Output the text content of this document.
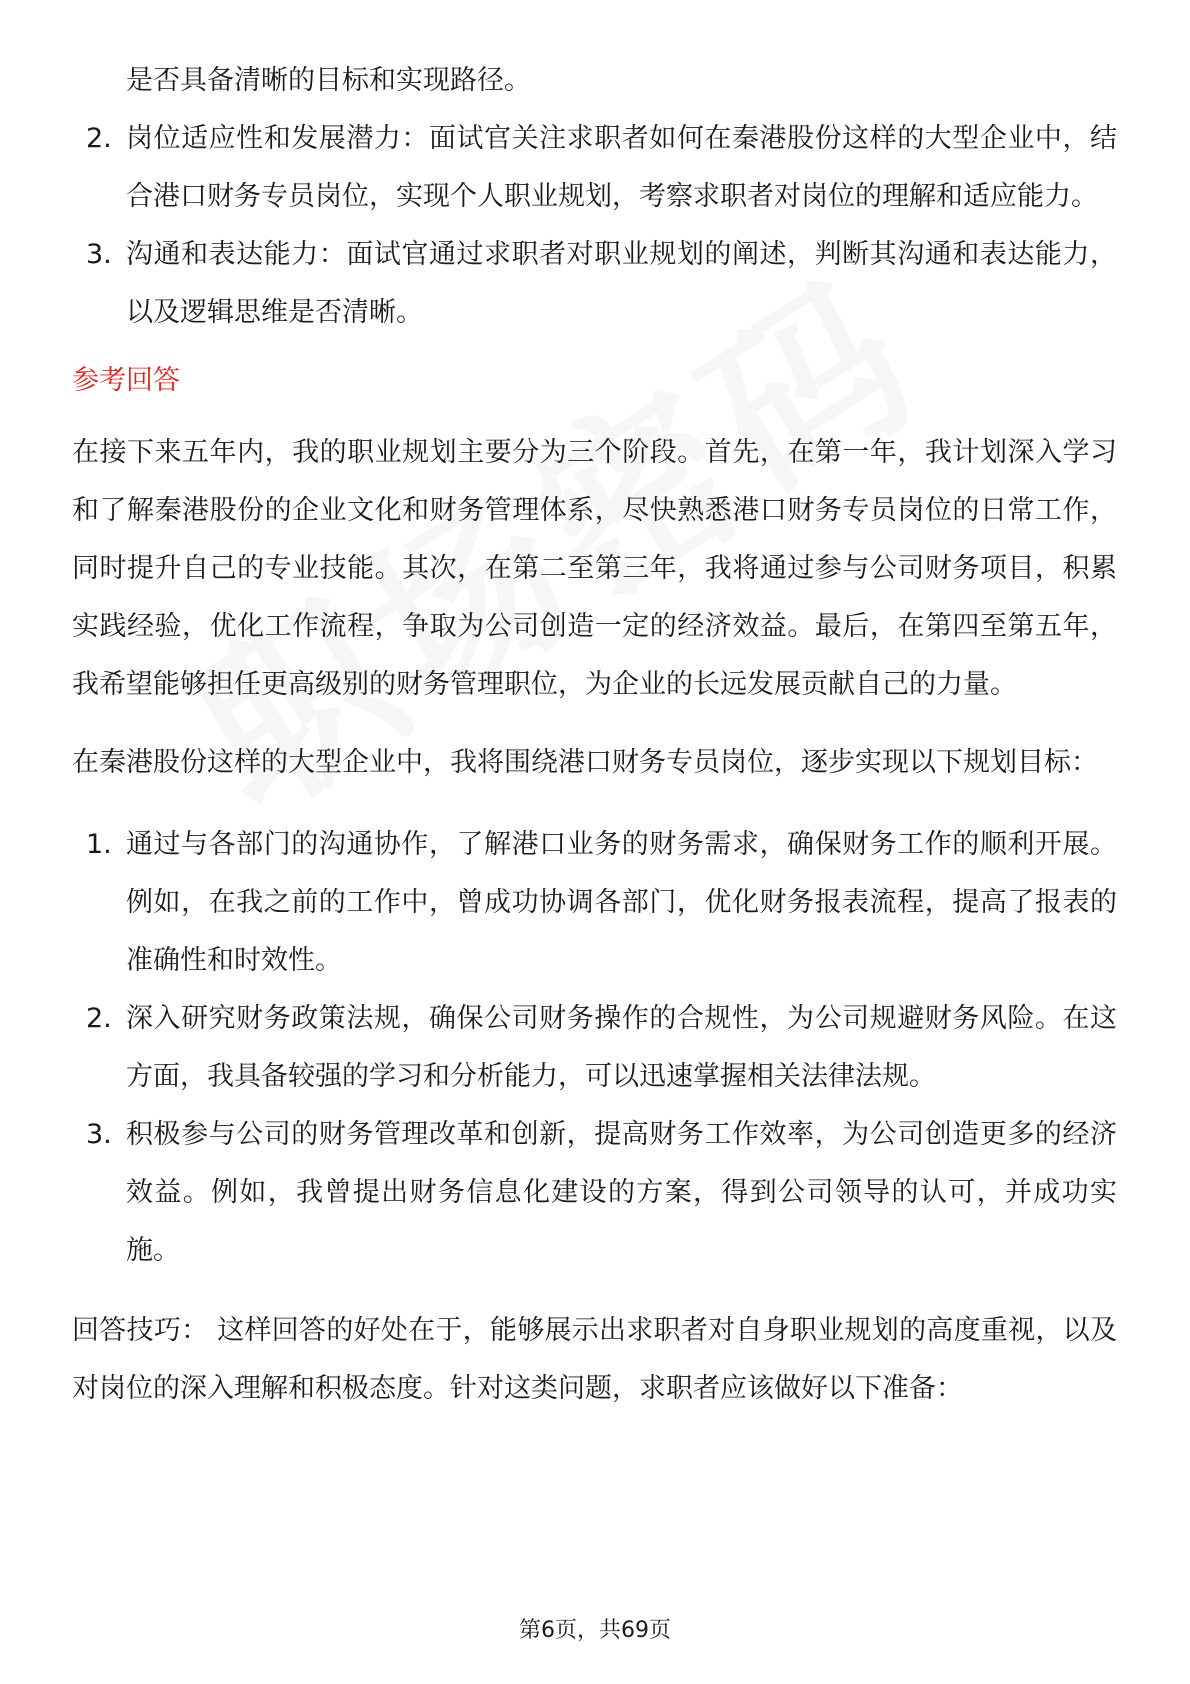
是否具备清晰的目标和实现路径。

2. 岗位适应性和发展潜力：面试官关注求职者如何在秦港股份这样的大型企业中，结合港口财务专员岗位，实现个人职业规划，考察求职者对岗位的理解和适应能力。
3. 沟通和表达能力：面试官通过求职者对职业规划的阐述，判断其沟通和表达能力，以及逻辑思维是否清晰。

参考回答

在接下来五年内，我的职业规划主要分为三个阶段。首先，在第一年，我计划深入学习和了解秦港股份的企业文化和财务管理体系，尽快熟悉港口财务专员岗位的日常工作，同时提升自己的专业技能。其次，在第二至第三年，我将通过参与公司财务项目，积累实践经验，优化工作流程，争取为公司创造一定的经济效益。最后，在第四至第五年，我希望能够担任更高级别的财务管理职位，为企业的长远发展贡献自己的力量。

在秦港股份这样的大型企业中，我将围绕港口财务专员岗位，逐步实现以下规划目标：

1. 通过与各部门的沟通协作，了解港口业务的财务需求，确保财务工作的顺利开展。例如，在我之前的工作中，曾成功协调各部门，优化财务报表流程，提高了报表的准确性和时效性。
2. 深入研究财务政策法规，确保公司财务操作的合规性，为公司规避财务风险。在这方面，我具备较强的学习和分析能力，可以迅速掌握相关法律法规。
3. 积极参与公司的财务管理改革和创新，提高财务工作效率，为公司创造更多的经济效益。例如，我曾提出财务信息化建设的方案，得到公司领导的认可，并成功实施。

回答技巧： 这样回答的好处在于，能够展示出求职者对自身职业规划的高度重视，以及对岗位的深入理解和积极态度。针对这类问题，求职者应该做好以下准备：

第6页，共69页
